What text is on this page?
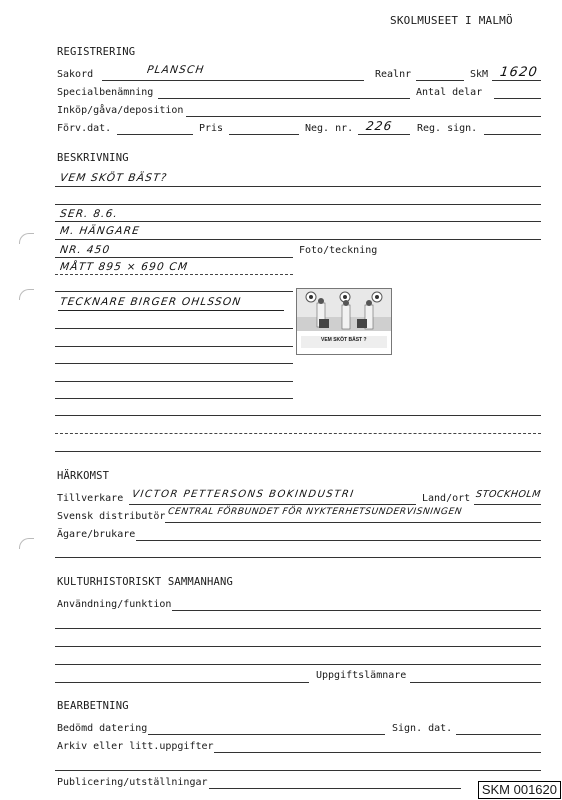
SKOLMUSEET I MALMÖ
REGISTRERING
Sakord	PLANSCH	Realnr	SkM 1620
Specialbenämning	Antal delar
Inköp/gåva/deposition
Förv.dat.	Pris	Neg. nr. 226 Reg. sign.
BESKRIVNING
VEM SKÖT BÄST?
SER. 8.6.
M. HÄNGARE
NR. 450	Foto/teckning
MÅTT 895 × 690 CM
TECKNARE BIRGER OHLSSON
VEM SKÖT BÄST ?
HÄRKOMST
Tillverkare VICTOR PETTERSONS BOKINDUSTRI	Land/ort STOCKHOLM
Svensk distributör CENTRAL FÖRBUNDET FÖR NYKTERHETSUNDERVISNINGEN
Ägare/brukare
KULTURHISTORISKT SAMMANHANG
Användning/funktion
Uppgiftslämnare
BEARBETNING
Bedömd datering	Sign. dat.
Arkiv eller litt.uppgifter
Publicering/utställningar	SKM 001620
